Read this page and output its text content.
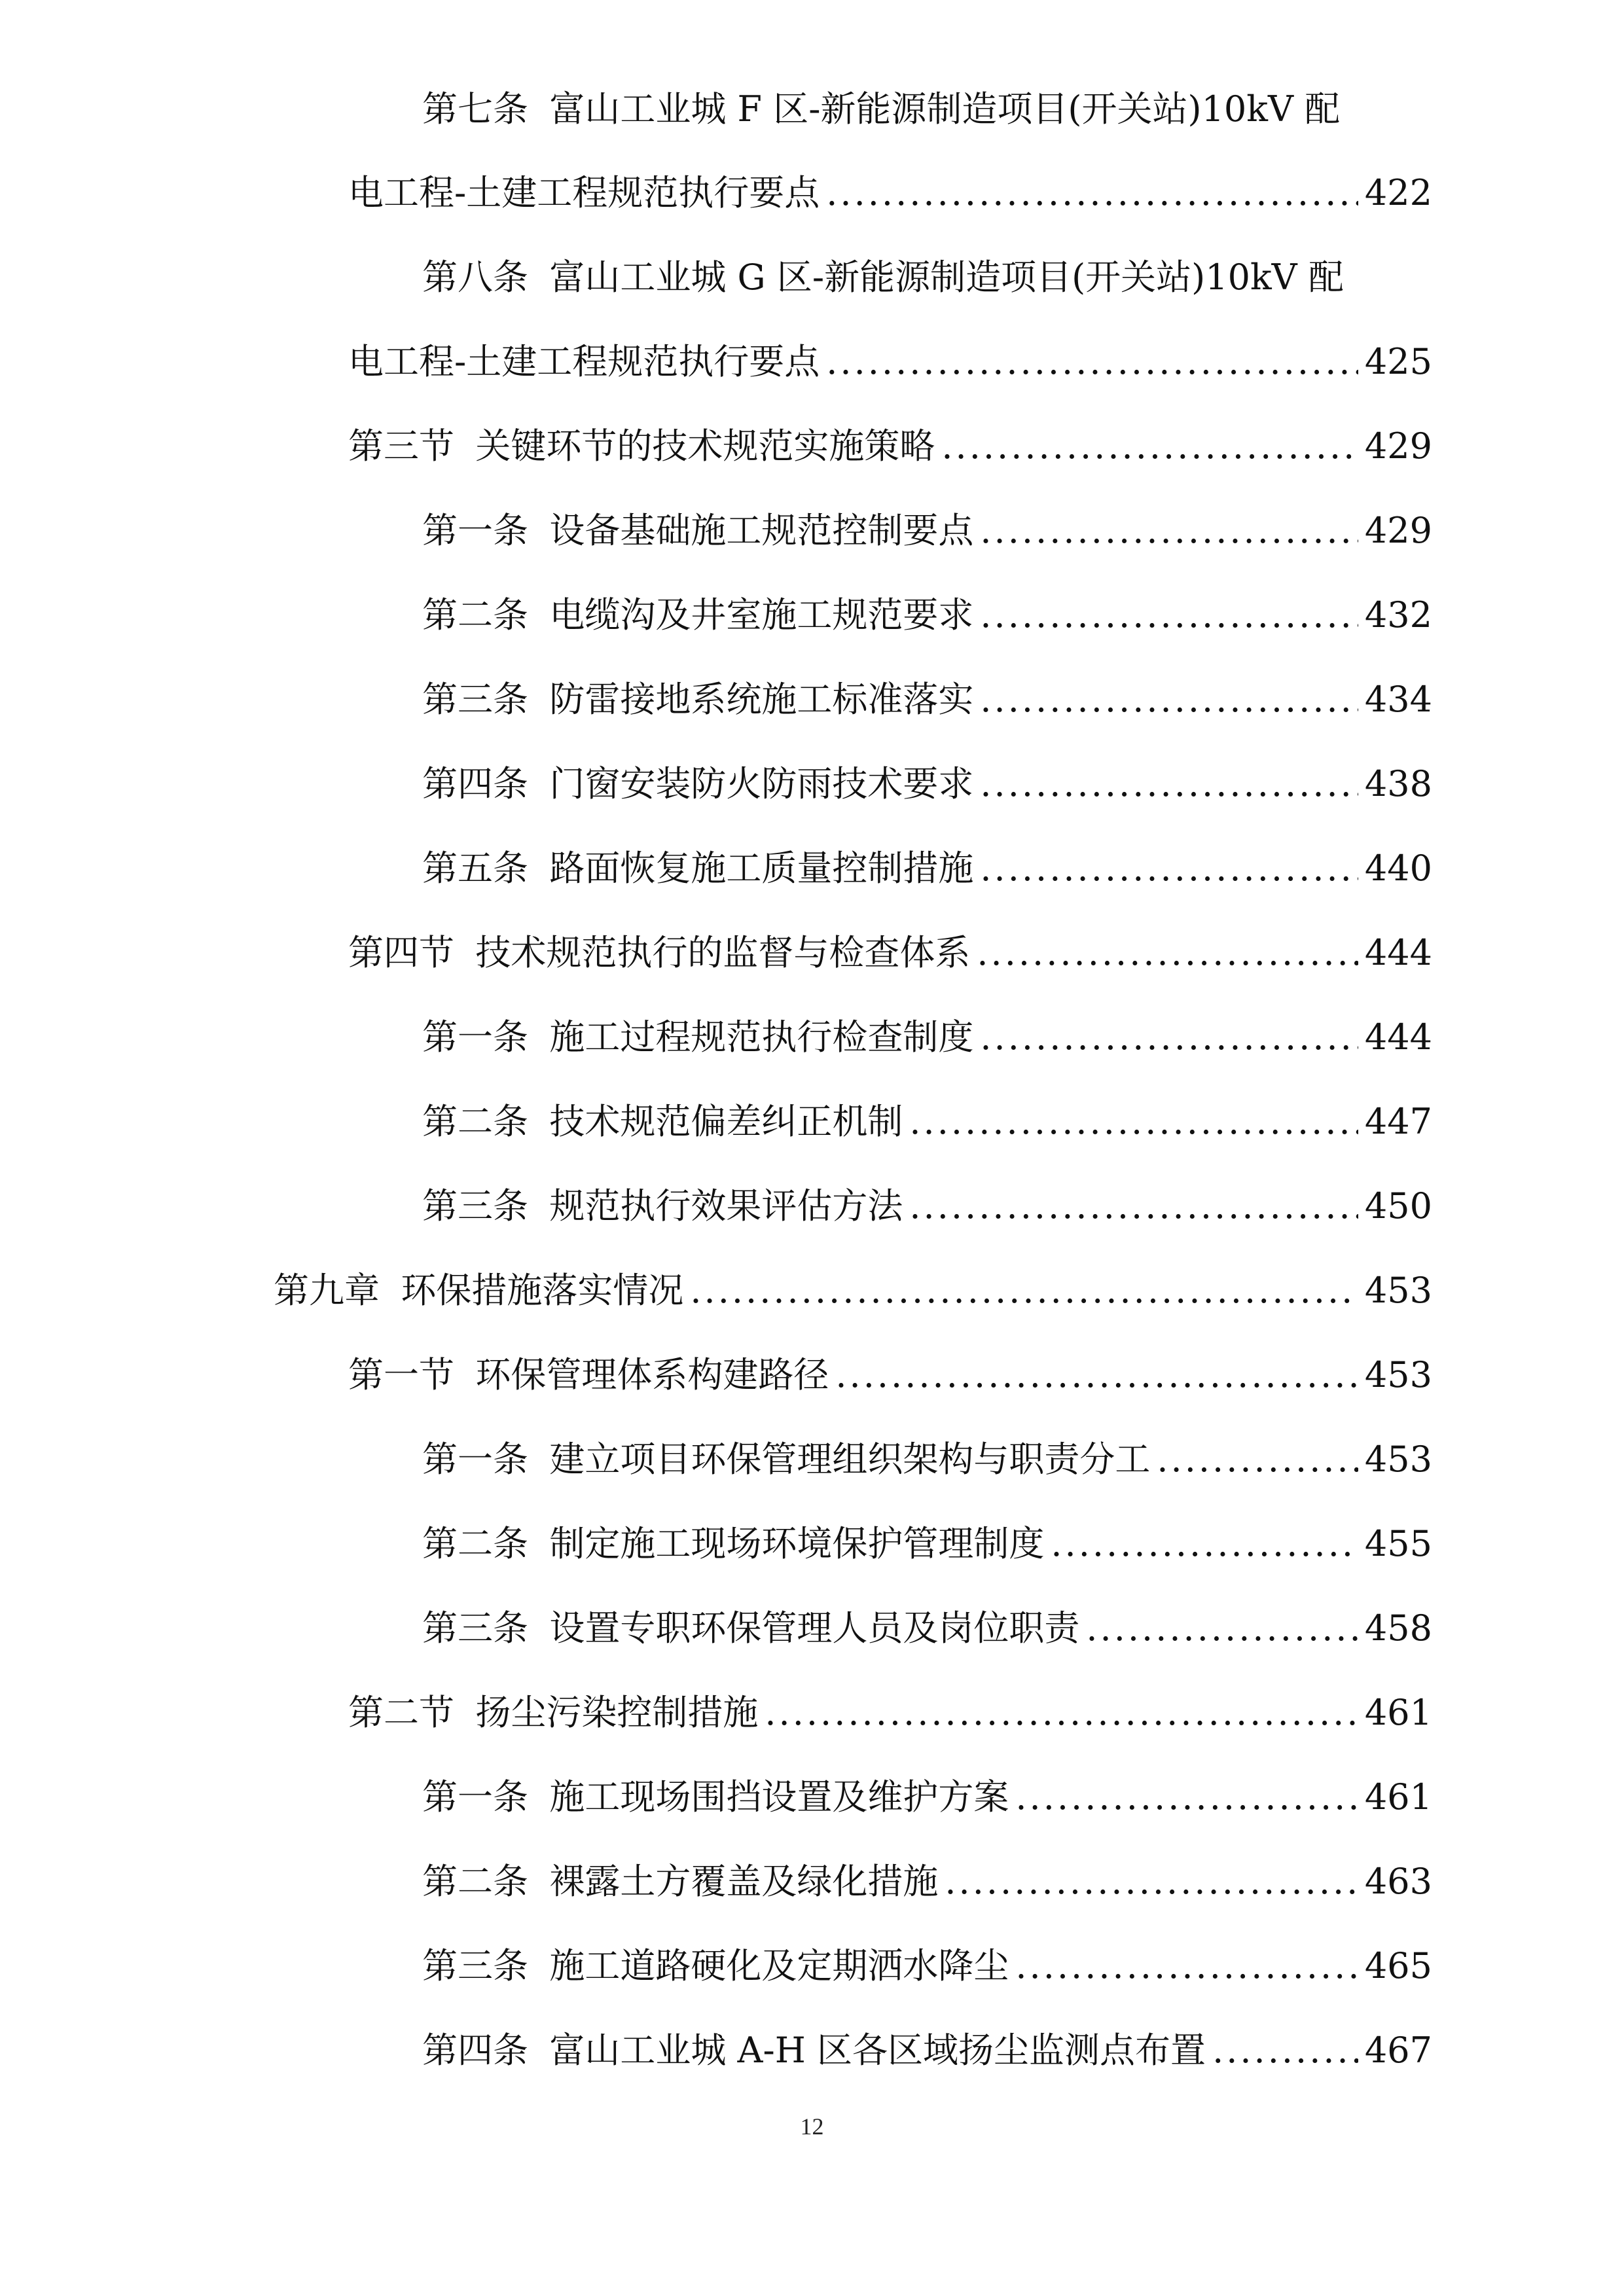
第七条 富山工业城 F 区-新能源制造项目(开关站)10kV 配
电工程-土建工程规范执行要点 .....	422
第八条 富山工业城 G 区-新能源制造项目(开关站)10kV 配
电工程-土建工程规范执行要点 .....	425
第三节 关键环节的技术规范实施策略 .....	429
第一条 设备基础施工规范控制要点 .....	429
第二条 电缆沟及井室施工规范要求 .....	432
第三条 防雷接地系统施工标准落实 .....	434
第四条 门窗安装防火防雨技术要求 .....	438
第五条 路面恢复施工质量控制措施 .....	440
第四节 技术规范执行的监督与检查体系 .....	444
第一条 施工过程规范执行检查制度 .....	444
第二条 技术规范偏差纠正机制 .....	447
第三条 规范执行效果评估方法 .....	450
第九章 环保措施落实情况 .....	453
第一节 环保管理体系构建路径 .....	453
第一条 建立项目环保管理组织架构与职责分工 .....	453
第二条 制定施工现场环境保护管理制度 .....	455
第三条 设置专职环保管理人员及岗位职责 .....	458
第二节 扬尘污染控制措施 .....	461
第一条 施工现场围挡设置及维护方案 .....	461
第二条 裸露土方覆盖及绿化措施 .....	463
第三条 施工道路硬化及定期洒水降尘 .....	465
第四条 富山工业城 A-H 区各区域扬尘监测点布置 .....	467
12
